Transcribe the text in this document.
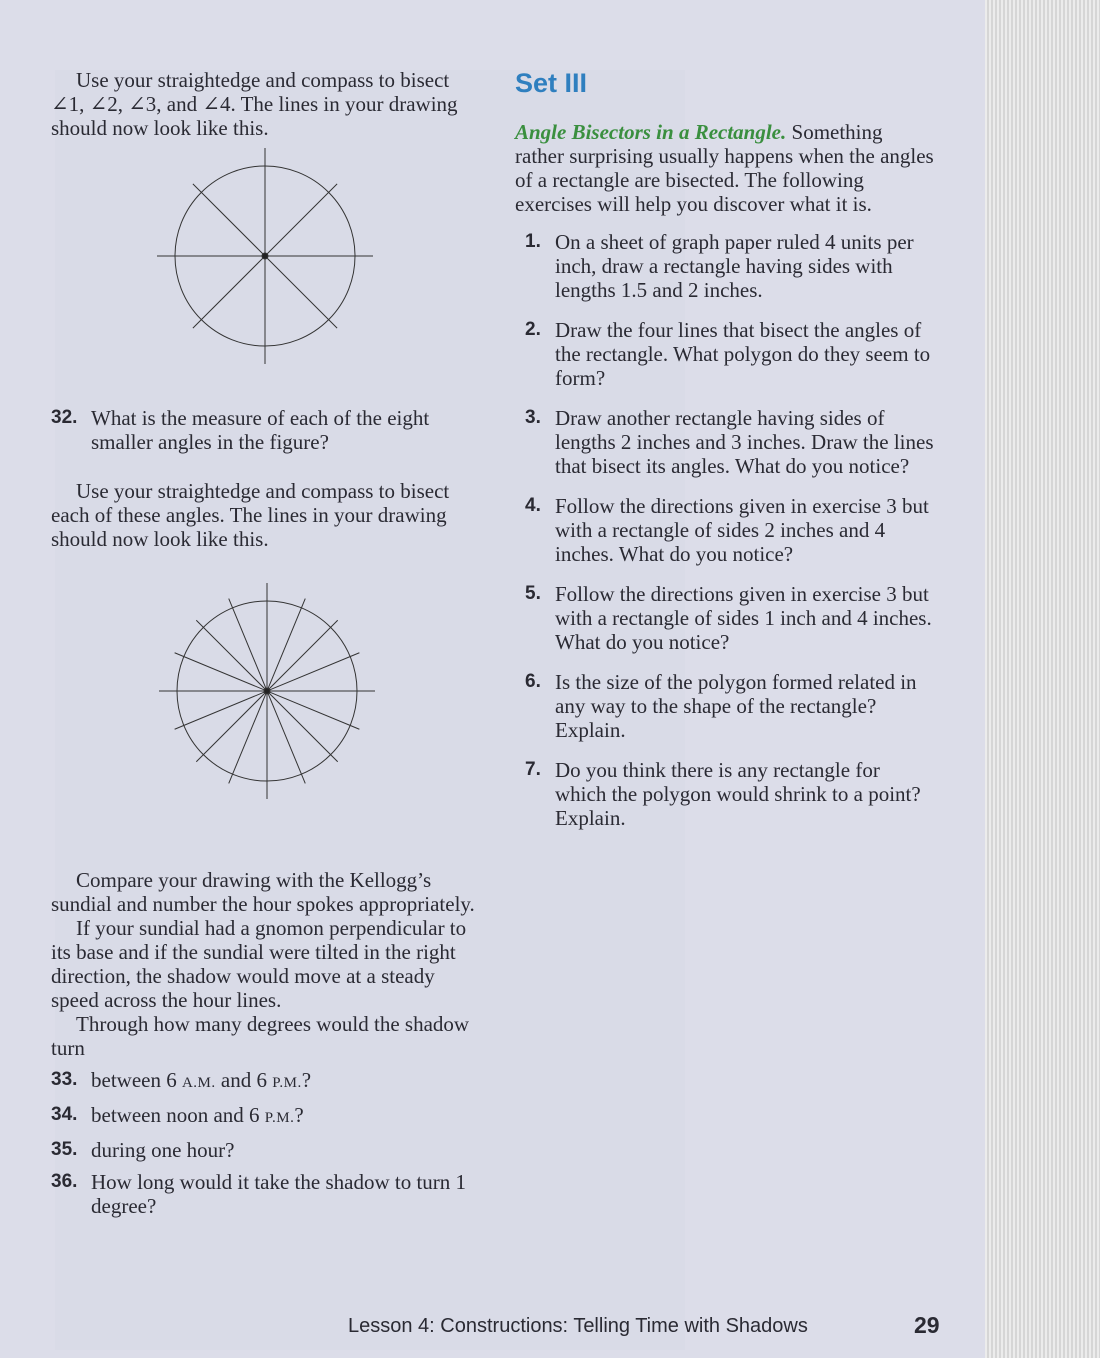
Use your straightedge and compass to bisect ∠1, ∠2, ∠3, and ∠4. The lines in your drawing should now look like this.

32. What is the measure of each of the eight smaller angles in the figure?

Use your straightedge and compass to bisect each of these angles. The lines in your drawing should now look like this.

Compare your drawing with the Kellogg’s sundial and number the hour spokes appropriately.

If your sundial had a gnomon perpendicular to its base and if the sundial were tilted in the right direction, the shadow would move at a steady speed across the hour lines.

Through how many degrees would the shadow turn

33. between 6 A.M. and 6 P.M.?
34. between noon and 6 P.M.?
35. during one hour?
36. How long would it take the shadow to turn 1 degree?
Set III

Angle Bisectors in a Rectangle. Something rather surprising usually happens when the angles of a rectangle are bisected. The following exercises will help you discover what it is.

1. On a sheet of graph paper ruled 4 units per inch, draw a rectangle having sides with lengths 1.5 and 2 inches.
2. Draw the four lines that bisect the angles of the rectangle. What polygon do they seem to form?
3. Draw another rectangle having sides of lengths 2 inches and 3 inches. Draw the lines that bisect its angles. What do you notice?
4. Follow the directions given in exercise 3 but with a rectangle of sides 2 inches and 4 inches. What do you notice?
5. Follow the directions given in exercise 3 but with a rectangle of sides 1 inch and 4 inches. What do you notice?
6. Is the size of the polygon formed related in any way to the shape of the rectangle? Explain.
7. Do you think there is any rectangle for which the polygon would shrink to a point? Explain.
Lesson 4: Constructions: Telling Time with Shadows	29
